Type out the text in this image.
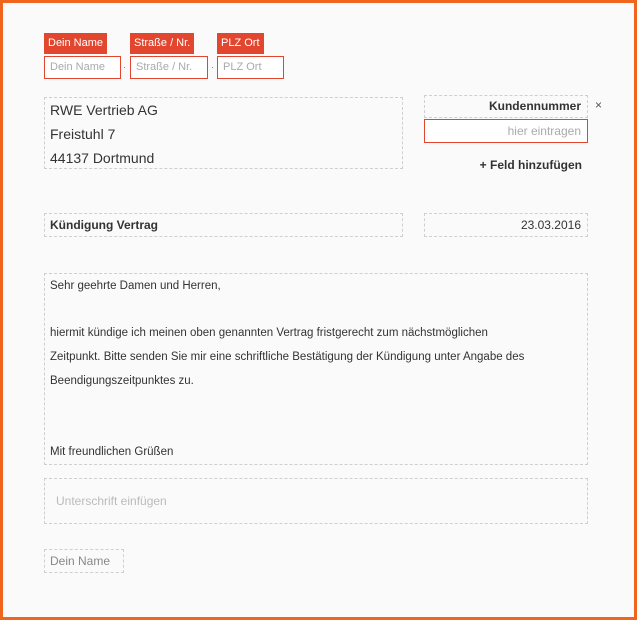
Dein Name	Straße / Nr.	PLZ Ort
Dein Name	· Straße / Nr.	· PLZ Ort
RWE Vertrieb AG
Freistuhl 7
44137 Dortmund
Kundennummer	×
hier eintragen
+ Feld hinzufügen
Kündigung Vertrag	23.03.2016
Sehr geehrte Damen und Herren,
hiermit kündige ich meinen oben genannten Vertrag fristgerecht zum nächstmöglichen
Zeitpunkt. Bitte senden Sie mir eine schriftliche Bestätigung der Kündigung unter Angabe des
Beendigungszeitpunktes zu.
Mit freundlichen Grüßen
Unterschrift einfügen
Dein Name
